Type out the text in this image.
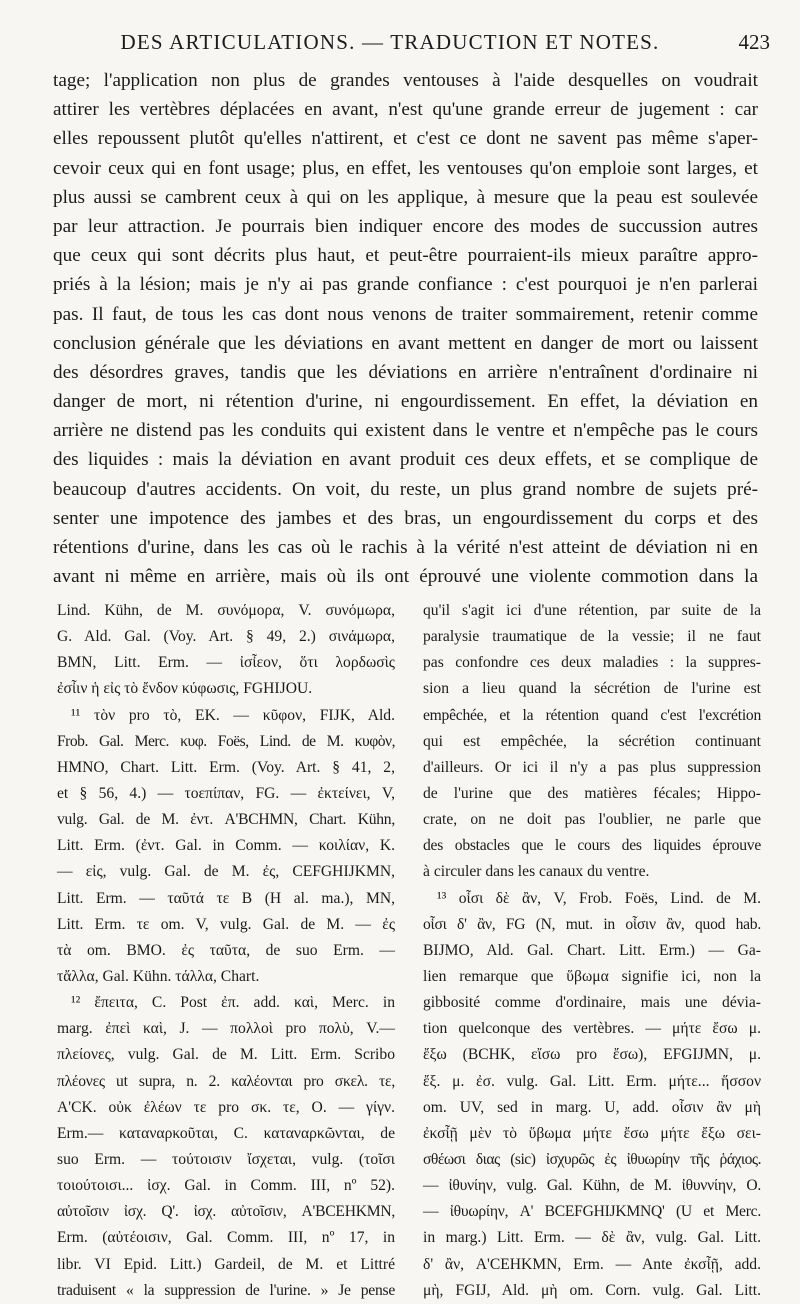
DES ARTICULATIONS. — TRADUCTION ET NOTES.	423
tage; l'application non plus de grandes ventouses à l'aide desquelles on voudrait
attirer les vertèbres déplacées en avant, n'est qu'une grande erreur de jugement : car
elles repoussent plutôt qu'elles n'attirent, et c'est ce dont ne savent pas même s'aper-
cevoir ceux qui en font usage; plus, en effet, les ventouses qu'on emploie sont larges, et
plus aussi se cambrent ceux à qui on les applique, à mesure que la peau est soulevée
par leur attraction. Je pourrais bien indiquer encore des modes de succussion autres
que ceux qui sont décrits plus haut, et peut-être pourraient-ils mieux paraître appro-
priés à la lésion; mais je n'y ai pas grande confiance : c'est pourquoi je n'en parlerai
pas. Il faut, de tous les cas dont nous venons de traiter sommairement, retenir comme
conclusion générale que les déviations en avant mettent en danger de mort ou laissent
des désordres graves, tandis que les déviations en arrière n'entraînent d'ordinaire ni
danger de mort, ni rétention d'urine, ni engourdissement. En effet, la déviation en
arrière ne distend pas les conduits qui existent dans le ventre et n'empêche pas le cours
des liquides : mais la déviation en avant produit ces deux effets, et se complique de
beaucoup d'autres accidents. On voit, du reste, un plus grand nombre de sujets pré-
senter une impotence des jambes et des bras, un engourdissement du corps et des
rétentions d'urine, dans les cas où le rachis à la vérité n'est atteint de déviation ni en
avant ni même en arrière, mais où ils ont éprouvé une violente commotion dans la
Lind. Kühn, de M. συνόμορα, V. συνόμωρα,
G. Ald. Gal. (Voy. Art. § 49, 2.) σινάμωρα,
BMN, Litt. Erm. — ἰσἶεον, ὅτι λορδωσὶς
ἐσἶιν ἡ εἰς τὸ ἔνδον κύφωσις, FGHIJOU.
¹¹ τὸν pro τὸ, EK. — κῦφον, FIJK, Ald.
Frob. Gal. Merc. κυφ. Foës, Lind. de M. κυφὸν,
HMNO, Chart. Litt. Erm. (Voy. Art. § 41, 2,
et § 56, 4.) — τοεπίπαν, FG. — ἐκτείνει, V,
vulg. Gal. de M. ἐντ. A'BCHMN, Chart. Kühn,
Litt. Erm. (ἐντ. Gal. in Comm. — κοιλίαν, K.
— εἰς, vulg. Gal. de M. ἐς, CEFGHIJKMN,
Litt. Erm. — ταῦτά τε B (H al. ma.), MN,
Litt. Erm. τε om. V, vulg. Gal. de M. — ἐς
τὰ om. BMO. ἐς ταῦτα, de suo Erm. —
τἄλλα, Gal. Kühn. τάλλα, Chart.
¹² ἔπειτα, C. Post ἐπ. add. καὶ, Merc. in
marg. ἐπεὶ καὶ, J. — πολλοὶ pro πολὺ, V.—
πλείονες, vulg. Gal. de M. Litt. Erm. Scribo
πλέονες ut supra, n. 2. καλέονται pro σκελ. τε,
A'CK. οὐκ ἐλέων τε pro σκ. τε, O. — γίγν.
Erm.— καταναρκοῦται, C. καταναρκῶνται, de
suo Erm. — τούτοισιν ἴσχεται, vulg. (τοῖσι
τοιούτοισι... ἰσχ. Gal. in Comm. III, nº 52).
αὐτοῖσιν ἰσχ. Q'. ἰσχ. αὐτοῖσιν, A'BCEHKMN,
Erm. (αὐτέοισιν, Gal. Comm. III, nº 17, in
libr. VI Epid. Litt.) Gardeil, de M. et Littré
traduisent « la suppression de l'urine. » Je pense
qu'il s'agit ici d'une rétention, par suite de la
paralysie traumatique de la vessie; il ne faut
pas confondre ces deux maladies : la suppres-
sion a lieu quand la sécrétion de l'urine est
empêchée, et la rétention quand c'est l'excrétion
qui est empêchée, la sécrétion continuant
d'ailleurs. Or ici il n'y a pas plus suppression
de l'urine que des matières fécales; Hippo-
crate, on ne doit pas l'oublier, ne parle que
des obstacles que le cours des liquides éprouve
à circuler dans les canaux du ventre.
¹³ οἷσι δὲ ἂν, V, Frob. Foës, Lind. de M.
οἷσι δ' ἂν, FG (N, mut. in οἷσιν ἂν, quod hab.
BIJMO, Ald. Gal. Chart. Litt. Erm.) — Ga-
lien remarque que ὕβωμα signifie ici, non la
gibbosité comme d'ordinaire, mais une dévia-
tion quelconque des vertèbres. — μήτε ἔσω μ.
ἔξω (BCHK, εἴσω pro ἔσω), EFGIJMN, μ.
ἔξ. μ. ἐσ. vulg. Gal. Litt. Erm. μήτε... ἥσσον
om. UV, sed in marg. U, add. οἷσιν ἂν μὴ
ἐκσἶῇ μὲν τὸ ὕβωμα μήτε ἔσω μήτε ἔξω σει-
σθέωσι διας (sic) ἰσχυρῶς ἐς ἰθυωρίην τῆς ῥάχιος.
— ἰθυνίην, vulg. Gal. Kühn, de M. ἰθυννίην, O.
— ἰθυωρίην, A' BCEFGHIJKMNQ' (U et Merc.
in marg.) Litt. Erm. — δὲ ἂν, vulg. Gal. Litt.
δ' ἂν, A'CEHKMN, Erm. — Ante ἐκσἶῇ, add.
μὴ, FGIJ, Ald. μὴ om. Corn. vulg. Gal. Litt.
